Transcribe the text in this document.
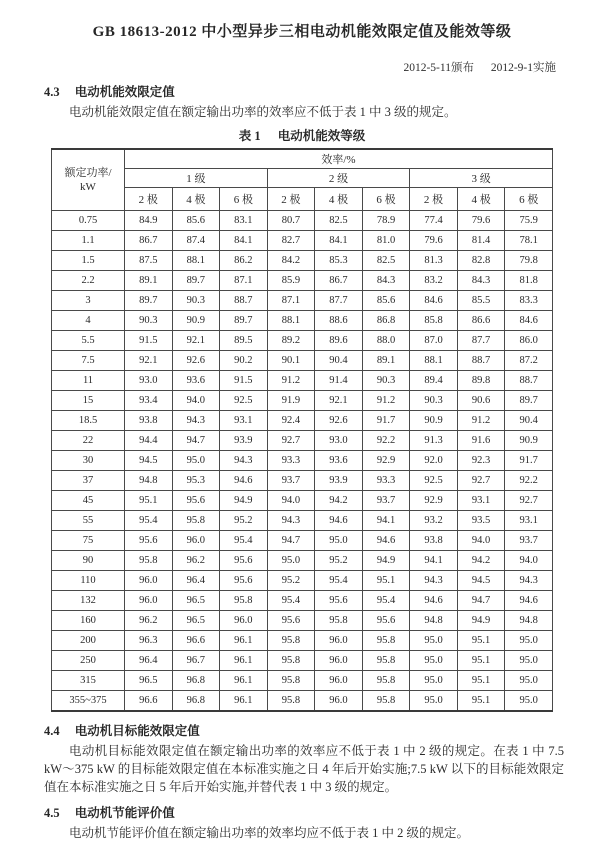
GB 18613-2012 中小型异步三相电动机能效限定值及能效等级
2012-5-11颁布 2012-9-1实施
4.3 电动机能效限定值
电动机能效限定值在额定输出功率的效率应不低于表 1 中 3 级的规定。
表 1 电动机能效等级
额定功率/
kW	效率/%								
	1 级			2 级			3 级		
	2 极	4 极	6 极	2 极	4 极	6 极	2 极	4 极	6 极
0.75	84.9	85.6	83.1	80.7	82.5	78.9	77.4	79.6	75.9
1.1	86.7	87.4	84.1	82.7	84.1	81.0	79.6	81.4	78.1
1.5	87.5	88.1	86.2	84.2	85.3	82.5	81.3	82.8	79.8
2.2	89.1	89.7	87.1	85.9	86.7	84.3	83.2	84.3	81.8
3	89.7	90.3	88.7	87.1	87.7	85.6	84.6	85.5	83.3
4	90.3	90.9	89.7	88.1	88.6	86.8	85.8	86.6	84.6
5.5	91.5	92.1	89.5	89.2	89.6	88.0	87.0	87.7	86.0
7.5	92.1	92.6	90.2	90.1	90.4	89.1	88.1	88.7	87.2
11	93.0	93.6	91.5	91.2	91.4	90.3	89.4	89.8	88.7
15	93.4	94.0	92.5	91.9	92.1	91.2	90.3	90.6	89.7
18.5	93.8	94.3	93.1	92.4	92.6	91.7	90.9	91.2	90.4
22	94.4	94.7	93.9	92.7	93.0	92.2	91.3	91.6	90.9
30	94.5	95.0	94.3	93.3	93.6	92.9	92.0	92.3	91.7
37	94.8	95.3	94.6	93.7	93.9	93.3	92.5	92.7	92.2
45	95.1	95.6	94.9	94.0	94.2	93.7	92.9	93.1	92.7
55	95.4	95.8	95.2	94.3	94.6	94.1	93.2	93.5	93.1
75	95.6	96.0	95.4	94.7	95.0	94.6	93.8	94.0	93.7
90	95.8	96.2	95.6	95.0	95.2	94.9	94.1	94.2	94.0
110	96.0	96.4	95.6	95.2	95.4	95.1	94.3	94.5	94.3
132	96.0	96.5	95.8	95.4	95.6	95.4	94.6	94.7	94.6
160	96.2	96.5	96.0	95.6	95.8	95.6	94.8	94.9	94.8
200	96.3	96.6	96.1	95.8	96.0	95.8	95.0	95.1	95.0
250	96.4	96.7	96.1	95.8	96.0	95.8	95.0	95.1	95.0
315	96.5	96.8	96.1	95.8	96.0	95.8	95.0	95.1	95.0
355~375	96.6	96.8	96.1	95.8	96.0	95.8	95.0	95.1	95.0
4.4 电动机目标能效限定值
电动机目标能效限定值在额定输出功率的效率应不低于表 1 中 2 级的规定。在表 1 中 7.5 kW～375 kW 的目标能效限定值在本标准实施之日 4 年后开始实施;7.5 kW 以下的目标能效限定值在本标准实施之日 5 年后开始实施,并替代表 1 中 3 级的规定。
4.5 电动机节能评价值
电动机节能评价值在额定输出功率的效率均应不低于表 1 中 2 级的规定。
